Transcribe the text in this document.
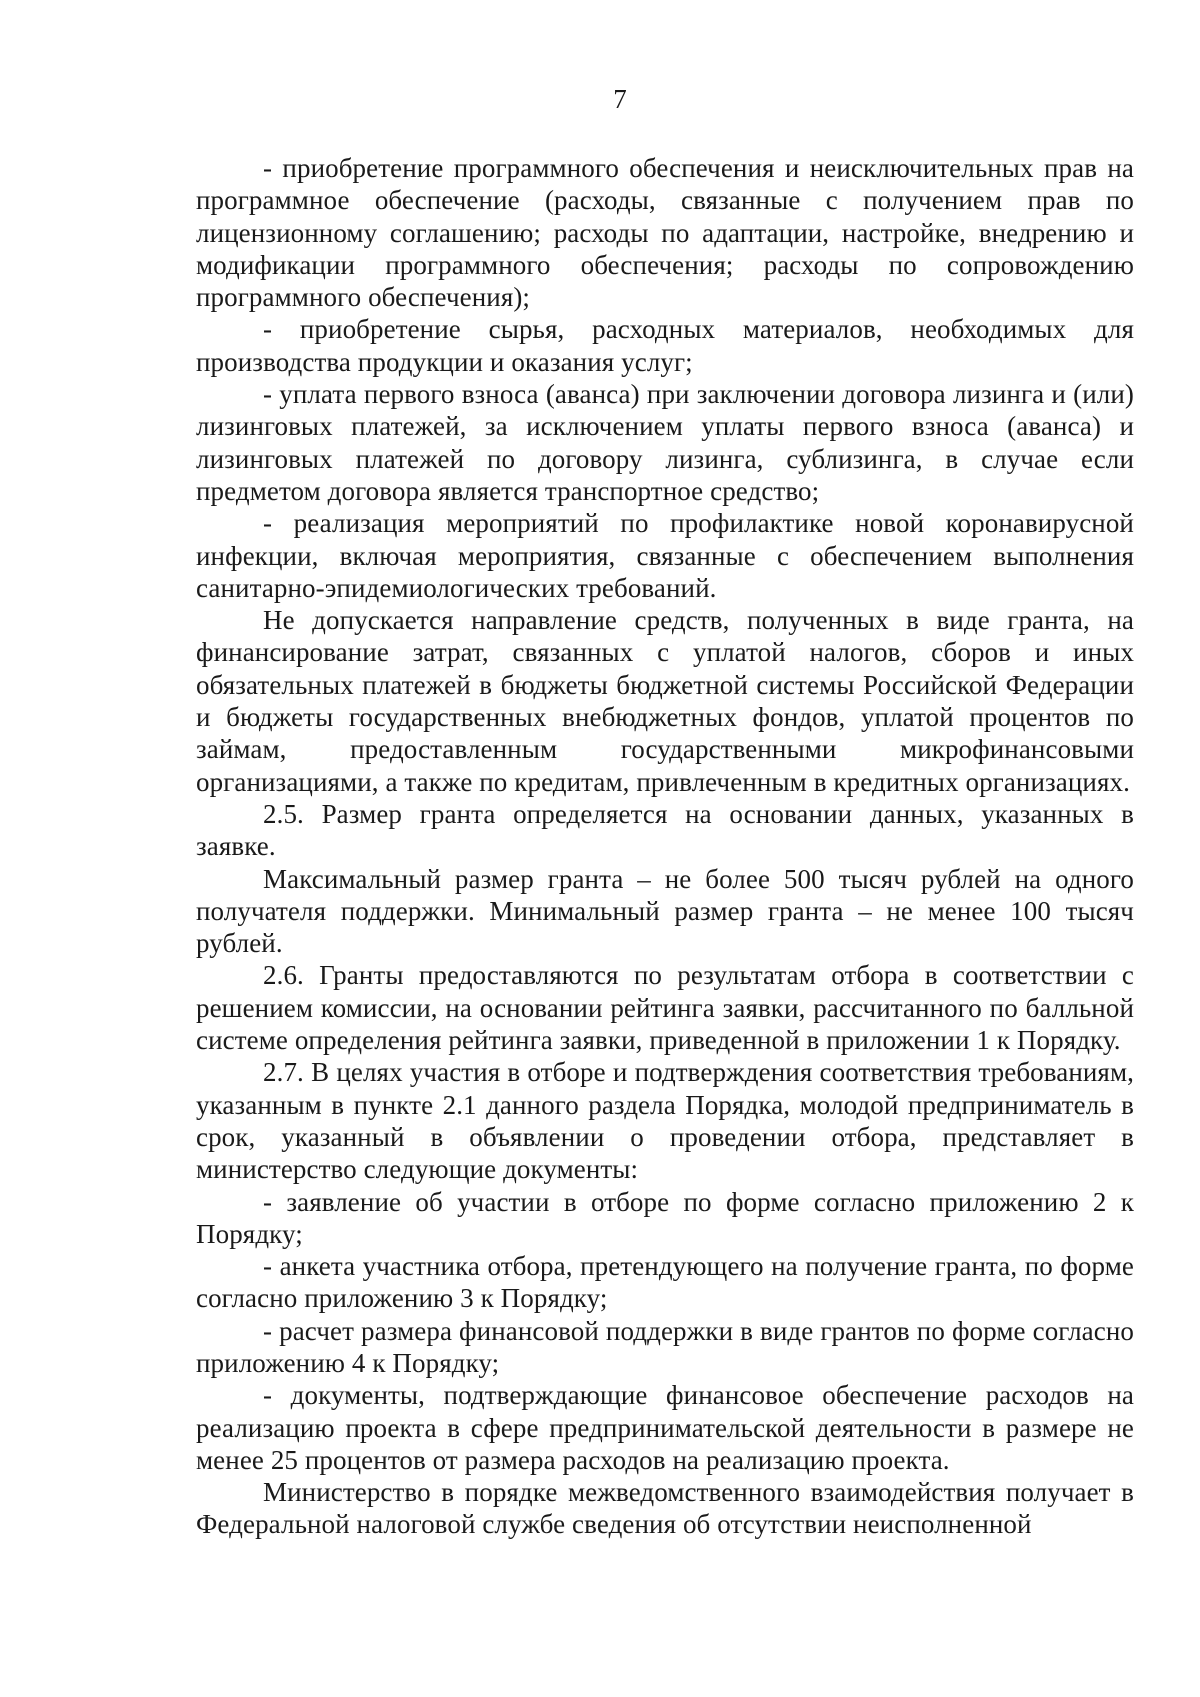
7

- приобретение программного обеспечения и неисключительных прав на программное обеспечение (расходы, связанные с получением прав по лицензионному соглашению; расходы по адаптации, настройке, внедрению и модификации программного обеспечения; расходы по сопровождению программного обеспечения);

- приобретение сырья, расходных материалов, необходимых для производства продукции и оказания услуг;

- уплата первого взноса (аванса) при заключении договора лизинга и (или) лизинговых платежей, за исключением уплаты первого взноса (аванса) и лизинговых платежей по договору лизинга, сублизинга, в случае если предметом договора является транспортное средство;

- реализация мероприятий по профилактике новой коронавирусной инфекции, включая мероприятия, связанные с обеспечением выполнения санитарно-эпидемиологических требований.

Не допускается направление средств, полученных в виде гранта, на финансирование затрат, связанных с уплатой налогов, сборов и иных обязательных платежей в бюджеты бюджетной системы Российской Федерации и бюджеты государственных внебюджетных фондов, уплатой процентов по займам, предоставленным государственными микрофинансовыми организациями, а также по кредитам, привлеченным в кредитных организациях.

2.5. Размер гранта определяется на основании данных, указанных в заявке.

Максимальный размер гранта – не более 500 тысяч рублей на одного получателя поддержки. Минимальный размер гранта – не менее 100 тысяч рублей.

2.6. Гранты предоставляются по результатам отбора в соответствии с решением комиссии, на основании рейтинга заявки, рассчитанного по балльной системе определения рейтинга заявки, приведенной в приложении 1 к Порядку.

2.7. В целях участия в отборе и подтверждения соответствия требованиям, указанным в пункте 2.1 данного раздела Порядка, молодой предприниматель в срок, указанный в объявлении о проведении отбора, представляет в министерство следующие документы:

- заявление об участии в отборе по форме согласно приложению 2 к Порядку;

- анкета участника отбора, претендующего на получение гранта, по форме согласно приложению 3 к Порядку;

- расчет размера финансовой поддержки в виде грантов по форме согласно приложению 4 к Порядку;

- документы, подтверждающие финансовое обеспечение расходов на реализацию проекта в сфере предпринимательской деятельности в размере не менее 25 процентов от размера расходов на реализацию проекта.

Министерство в порядке межведомственного взаимодействия получает в Федеральной налоговой службе сведения об отсутствии неисполненной
